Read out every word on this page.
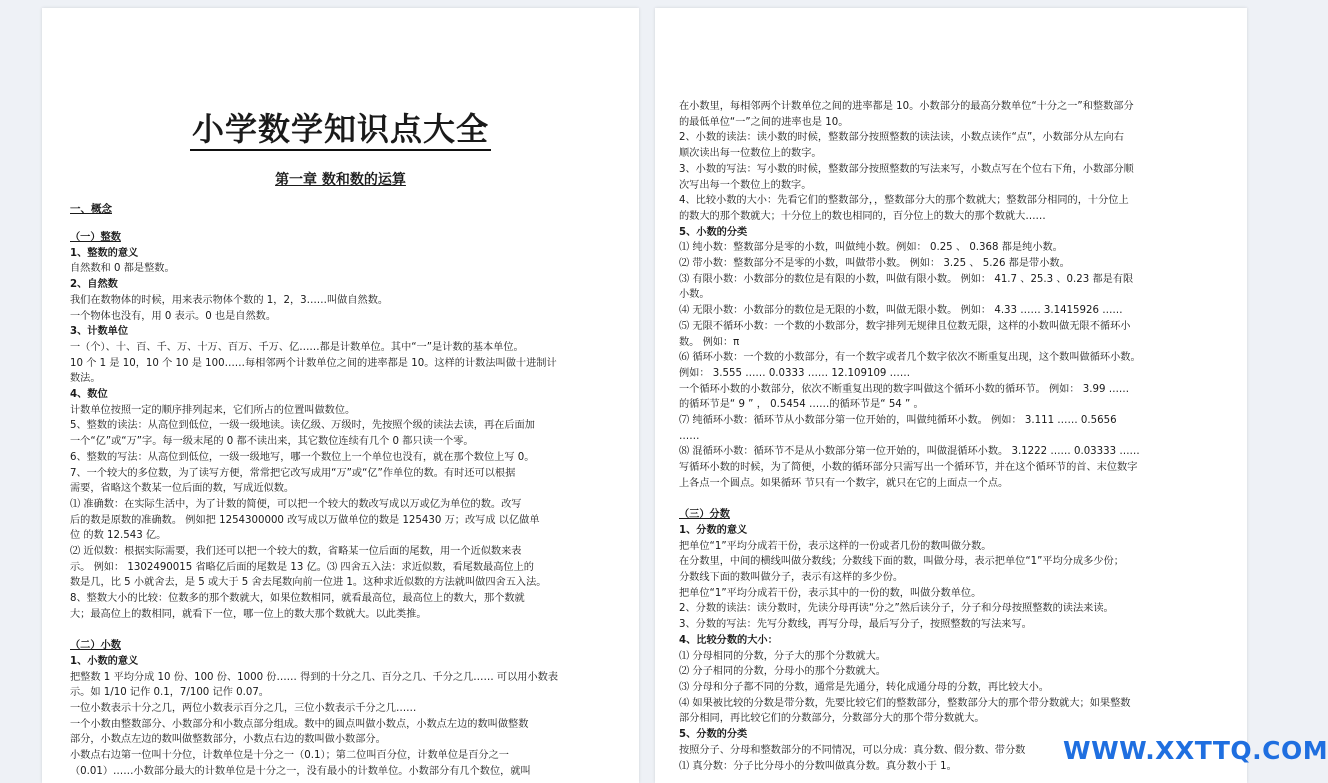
小学数学知识点大全
第一章 数和数的运算
一、概念
（一）整数
1、整数的意义
自然数和 0 都是整数。
2、自然数
我们在数物体的时候，用来表示物体个数的 1，2，3……叫做自然数。
一个物体也没有，用 0 表示。0 也是自然数。
3、计数单位
一（个）、十、百、千、万、十万、百万、千万、亿……都是计数单位。其中“一”是计数的基本单位。
10 个 1 是 10，10 个 10 是 100……每相邻两个计数单位之间的进率都是 10。这样的计数法叫做十进制计
数法。
4、数位
计数单位按照一定的顺序排列起来，它们所占的位置叫做数位。
5、整数的读法：从高位到低位，一级一级地读。读亿级、万级时，先按照个级的读法去读，再在后面加
一个“亿”或“万”字。每一级末尾的 0 都不读出来，其它数位连续有几个 0 都只读一个零。
6、整数的写法：从高位到低位，一级一级地写，哪一个数位上一个单位也没有，就在那个数位上写 0。
7、一个较大的多位数，为了读写方便，常常把它改写成用“万”或“亿”作单位的数。有时还可以根据
需要，省略这个数某一位后面的数，写成近似数。
⑴ 准确数：在实际生活中，为了计数的简便，可以把一个较大的数改写成以万或亿为单位的数。改写
后的数是原数的准确数。 例如把 1254300000 改写成以万做单位的数是 125430 万；改写成 以亿做单
位 的数 12.543 亿。
⑵ 近似数：根据实际需要，我们还可以把一个较大的数，省略某一位后面的尾数，用一个近似数来表
示。 例如： 1302490015 省略亿后面的尾数是 13 亿。⑶ 四舍五入法：求近似数，看尾数最高位上的
数是几，比 5 小就舍去，是 5 或大于 5 舍去尾数向前一位进 1。这种求近似数的方法就叫做四舍五入法。
8、整数大小的比较：位数多的那个数就大，如果位数相同，就看最高位，最高位上的数大，那个数就
大；最高位上的数相同，就看下一位，哪一位上的数大那个数就大。以此类推。
（二）小数
1、小数的意义
把整数 1 平均分成 10 份、100 份、1000 份…… 得到的十分之几、百分之几、千分之几…… 可以用小数表
示。如 1/10 记作 0.1，7/100 记作 0.07。
一位小数表示十分之几，两位小数表示百分之几，三位小数表示千分之几……
一个小数由整数部分、小数部分和小数点部分组成。数中的圆点叫做小数点，小数点左边的数叫做整数
部分，小数点左边的数叫做整数部分，小数点右边的数叫做小数部分。
小数点右边第一位叫十分位，计数单位是十分之一（0.1）；第二位叫百分位，计数单位是百分之一
（0.01）……小数部分最大的计数单位是十分之一，没有最小的计数单位。小数部分有几个数位，就叫
在小数里，每相邻两个计数单位之间的进率都是 10。小数部分的最高分数单位“十分之一”和整数部分
的最低单位“一”之间的进率也是 10。
2、小数的读法：读小数的时候，整数部分按照整数的读法读，小数点读作“点”，小数部分从左向右
顺次读出每一位数位上的数字。
3、小数的写法：写小数的时候，整数部分按照整数的写法来写，小数点写在个位右下角，小数部分顺
次写出每一个数位上的数字。
4、比较小数的大小：先看它们的整数部分，，整数部分大的那个数就大；整数部分相同的，十分位上
的数大的那个数就大；十分位上的数也相同的，百分位上的数大的那个数就大……
5、小数的分类
⑴ 纯小数：整数部分是零的小数，叫做纯小数。例如： 0.25 、 0.368 都是纯小数。
⑵ 带小数：整数部分不是零的小数，叫做带小数。 例如： 3.25 、 5.26 都是带小数。
⑶ 有限小数：小数部分的数位是有限的小数，叫做有限小数。 例如： 41.7 、25.3 、0.23 都是有限
小数。
⑷ 无限小数：小数部分的数位是无限的小数，叫做无限小数。 例如： 4.33 …… 3.1415926 ……
⑸ 无限不循环小数：一个数的小数部分，数字排列无规律且位数无限，这样的小数叫做无限不循环小
数。 例如：π
⑹ 循环小数：一个数的小数部分，有一个数字或者几个数字依次不断重复出现，这个数叫做循环小数。
例如： 3.555 …… 0.0333 …… 12.109109 ……
一个循环小数的小数部分，依次不断重复出现的数字叫做这个循环小数的循环节。 例如： 3.99 ……
的循环节是“ 9 ” ， 0.5454 ……的循环节是“ 54 ” 。
⑺ 纯循环小数：循环节从小数部分第一位开始的，叫做纯循环小数。 例如： 3.111 …… 0.5656
……
⑻ 混循环小数：循环节不是从小数部分第一位开始的，叫做混循环小数。 3.1222 …… 0.03333 ……
写循环小数的时候，为了简便，小数的循环部分只需写出一个循环节，并在这个循环节的首、末位数字
上各点一个圆点。如果循环 节只有一个数字，就只在它的上面点一个点。
（三）分数
1、分数的意义
把单位“1”平均分成若干份，表示这样的一份或者几份的数叫做分数。
在分数里，中间的横线叫做分数线；分数线下面的数，叫做分母，表示把单位“1”平均分成多少份；
分数线下面的数叫做分子，表示有这样的多少份。
把单位“1”平均分成若干份，表示其中的一份的数，叫做分数单位。
2、分数的读法：读分数时，先读分母再读“分之”然后读分子，分子和分母按照整数的读法来读。
3、分数的写法：先写分数线，再写分母，最后写分子，按照整数的写法来写。
4、比较分数的大小：
⑴ 分母相同的分数，分子大的那个分数就大。
⑵ 分子相同的分数，分母小的那个分数就大。
⑶ 分母和分子都不同的分数，通常是先通分，转化成通分母的分数，再比较大小。
⑷ 如果被比较的分数是带分数，先要比较它们的整数部分，整数部分大的那个带分数就大；如果整数
部分相同，再比较它们的分数部分，分数部分大的那个带分数就大。
5、分数的分类
按照分子、分母和整数部分的不同情况，可以分成：真分数、假分数、带分数
⑴ 真分数：分子比分母小的分数叫做真分数。真分数小于 1。
WWW.XXTTQ.COM
